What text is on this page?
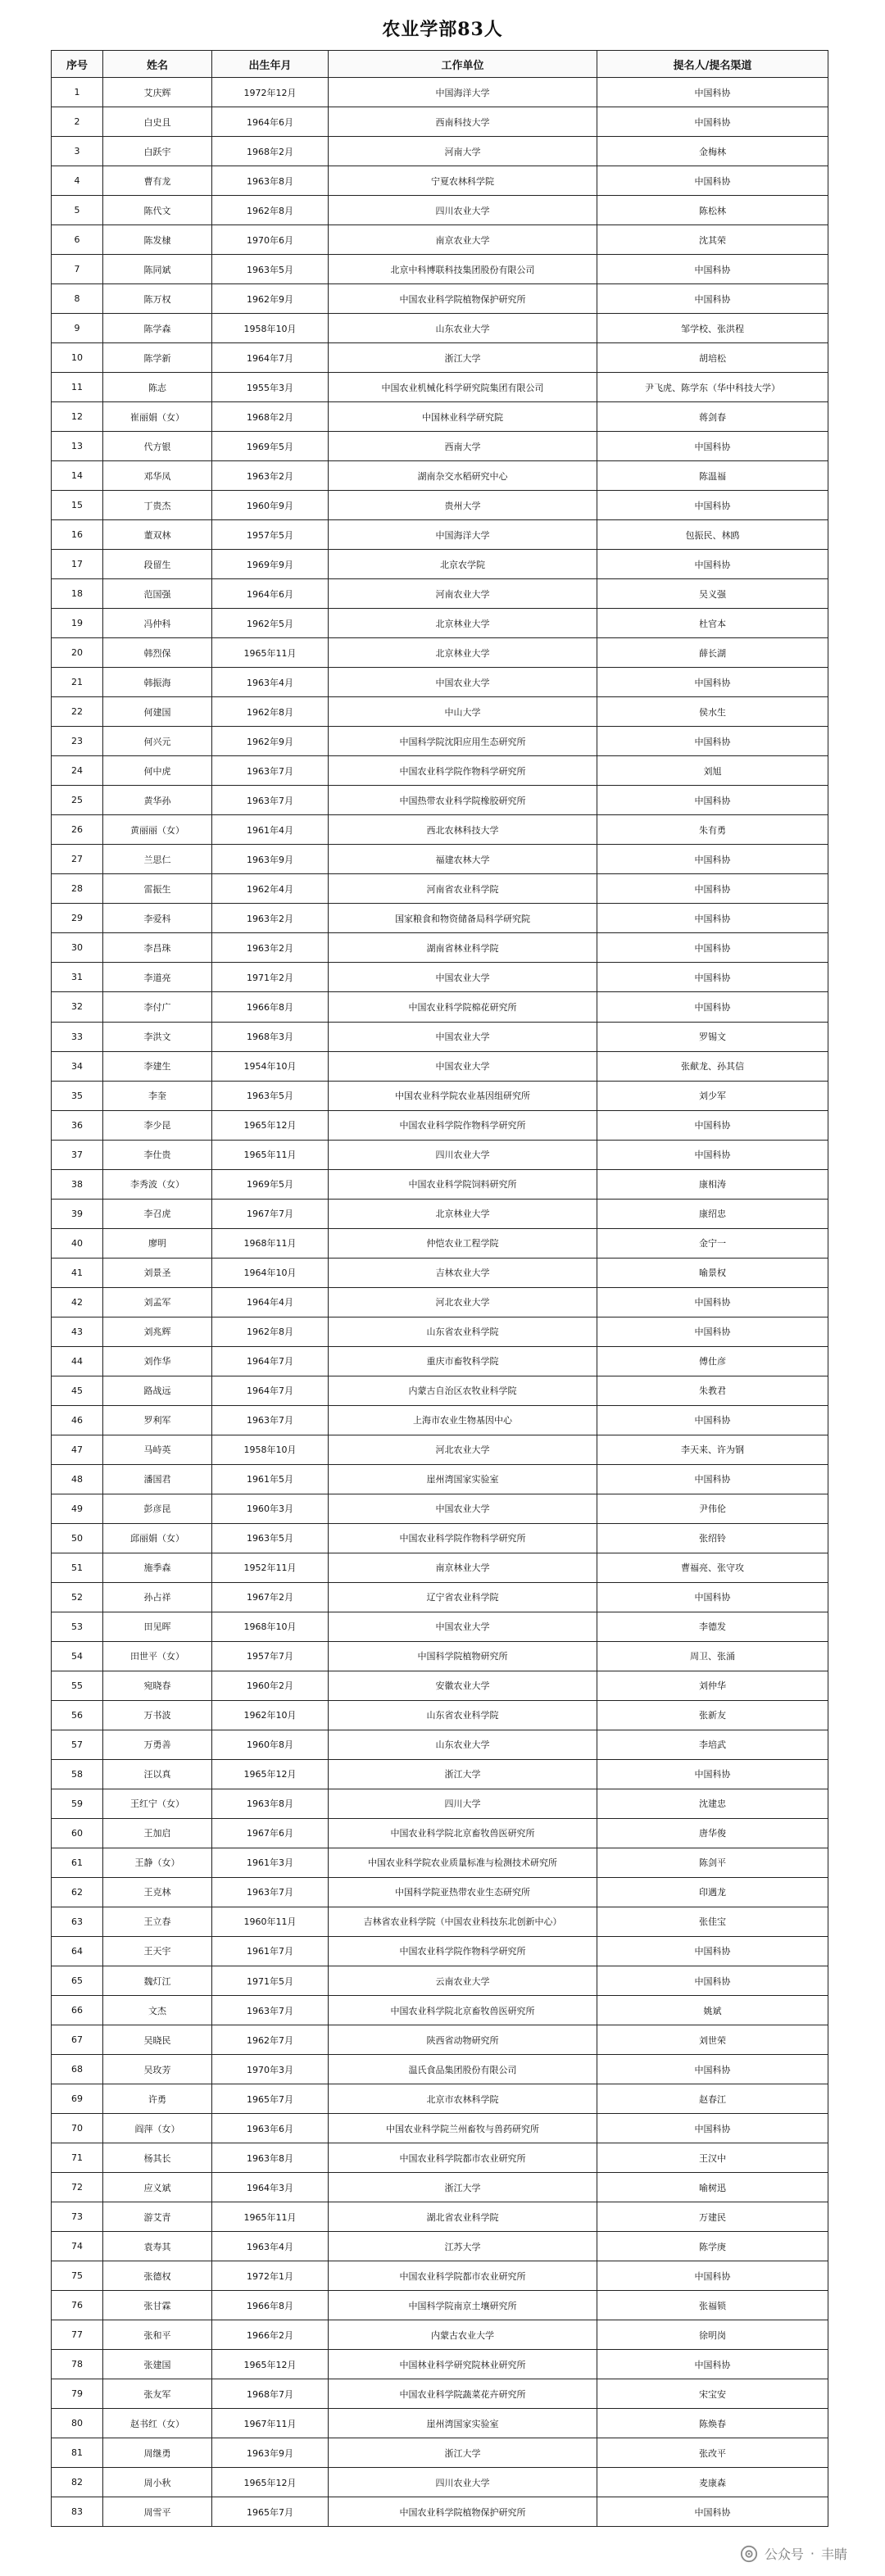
农业学部83人
序号	姓名	出生年月	工作单位	提名人/提名渠道
1	艾庆辉	1972年12月	中国海洋大学	中国科协
2	白史且	1964年6月	西南科技大学	中国科协
3	白跃宇	1968年2月	河南大学	金梅林
4	曹有龙	1963年8月	宁夏农林科学院	中国科协
5	陈代文	1962年8月	四川农业大学	陈松林
6	陈发棣	1970年6月	南京农业大学	沈其荣
7	陈同斌	1963年5月	北京中科博联科技集团股份有限公司	中国科协
8	陈万权	1962年9月	中国农业科学院植物保护研究所	中国科协
9	陈学森	1958年10月	山东农业大学	邹学校、张洪程
10	陈学新	1964年7月	浙江大学	胡培松
11	陈志	1955年3月	中国农业机械化科学研究院集团有限公司	尹飞虎、陈学东（华中科技大学）
12	崔丽娟（女）	1968年2月	中国林业科学研究院	蒋剑春
13	代方银	1969年5月	西南大学	中国科协
14	邓华凤	1963年2月	湖南杂交水稻研究中心	陈温福
15	丁贵杰	1960年9月	贵州大学	中国科协
16	董双林	1957年5月	中国海洋大学	包振民、林鸥
17	段留生	1969年9月	北京农学院	中国科协
18	范国强	1964年6月	河南农业大学	吴义强
19	冯仲科	1962年5月	北京林业大学	杜官本
20	韩烈保	1965年11月	北京林业大学	薛长湖
21	韩振海	1963年4月	中国农业大学	中国科协
22	何建国	1962年8月	中山大学	侯水生
23	何兴元	1962年9月	中国科学院沈阳应用生态研究所	中国科协
24	何中虎	1963年7月	中国农业科学院作物科学研究所	刘旭
25	黄华孙	1963年7月	中国热带农业科学院橡胶研究所	中国科协
26	黄丽丽（女）	1961年4月	西北农林科技大学	朱有勇
27	兰思仁	1963年9月	福建农林大学	中国科协
28	雷振生	1962年4月	河南省农业科学院	中国科协
29	李爱科	1963年2月	国家粮食和物资储备局科学研究院	中国科协
30	李昌珠	1963年2月	湖南省林业科学院	中国科协
31	李道亮	1971年2月	中国农业大学	中国科协
32	李付广	1966年8月	中国农业科学院棉花研究所	中国科协
33	李洪文	1968年3月	中国农业大学	罗锡文
34	李建生	1954年10月	中国农业大学	张献龙、孙其信
35	李奎	1963年5月	中国农业科学院农业基因组研究所	刘少军
36	李少昆	1965年12月	中国农业科学院作物科学研究所	中国科协
37	李仕贵	1965年11月	四川农业大学	中国科协
38	李秀波（女）	1969年5月	中国农业科学院饲料研究所	康相涛
39	李召虎	1967年7月	北京林业大学	康绍忠
40	廖明	1968年11月	仲恺农业工程学院	金宁一
41	刘景圣	1964年10月	吉林农业大学	喻景权
42	刘孟军	1964年4月	河北农业大学	中国科协
43	刘兆辉	1962年8月	山东省农业科学院	中国科协
44	刘作华	1964年7月	重庆市畜牧科学院	傅仕彦
45	路战远	1964年7月	内蒙古自治区农牧业科学院	朱教君
46	罗利军	1963年7月	上海市农业生物基因中心	中国科协
47	马峙英	1958年10月	河北农业大学	李天来、许为钢
48	潘国君	1961年5月	崖州湾国家实验室	中国科协
49	彭彦昆	1960年3月	中国农业大学	尹伟伦
50	邱丽娟（女）	1963年5月	中国农业科学院作物科学研究所	张绍铃
51	施季森	1952年11月	南京林业大学	曹福亮、张守攻
52	孙占祥	1967年2月	辽宁省农业科学院	中国科协
53	田见晖	1968年10月	中国农业大学	李德发
54	田世平（女）	1957年7月	中国科学院植物研究所	周卫、张涌
55	宛晓春	1960年2月	安徽农业大学	刘仲华
56	万书波	1962年10月	山东省农业科学院	张新友
57	万勇善	1960年8月	山东农业大学	李培武
58	汪以真	1965年12月	浙江大学	中国科协
59	王红宁（女）	1963年8月	四川大学	沈建忠
60	王加启	1967年6月	中国农业科学院北京畜牧兽医研究所	唐华俊
61	王静（女）	1961年3月	中国农业科学院农业质量标准与检测技术研究所	陈剑平
62	王克林	1963年7月	中国科学院亚热带农业生态研究所	印遇龙
63	王立春	1960年11月	吉林省农业科学院（中国农业科技东北创新中心）	张佳宝
64	王天宇	1961年7月	中国农业科学院作物科学研究所	中国科协
65	魏灯江	1971年5月	云南农业大学	中国科协
66	文杰	1963年7月	中国农业科学院北京畜牧兽医研究所	姚斌
67	吴晓民	1962年7月	陕西省动物研究所	刘世荣
68	吴玫芳	1970年3月	温氏食品集团股份有限公司	中国科协
69	许勇	1965年7月	北京市农林科学院	赵春江
70	阎萍（女）	1963年6月	中国农业科学院兰州畜牧与兽药研究所	中国科协
71	杨其长	1963年8月	中国农业科学院都市农业研究所	王汉中
72	应义斌	1964年3月	浙江大学	喻树迅
73	游艾青	1965年11月	湖北省农业科学院	万建民
74	袁寿其	1963年4月	江苏大学	陈学庚
75	张德权	1972年1月	中国农业科学院都市农业研究所	中国科协
76	张甘霖	1966年8月	中国科学院南京土壤研究所	张福锁
77	张和平	1966年2月	内蒙古农业大学	徐明岗
78	张建国	1965年12月	中国林业科学研究院林业研究所	中国科协
79	张友军	1968年7月	中国农业科学院蔬菜花卉研究所	宋宝安
80	赵书红（女）	1967年11月	崖州湾国家实验室	陈焕春
81	周继勇	1963年9月	浙江大学	张改平
82	周小秋	1965年12月	四川农业大学	麦康森
83	周雪平	1965年7月	中国农业科学院植物保护研究所	中国科协
公众号 · 丰睛
